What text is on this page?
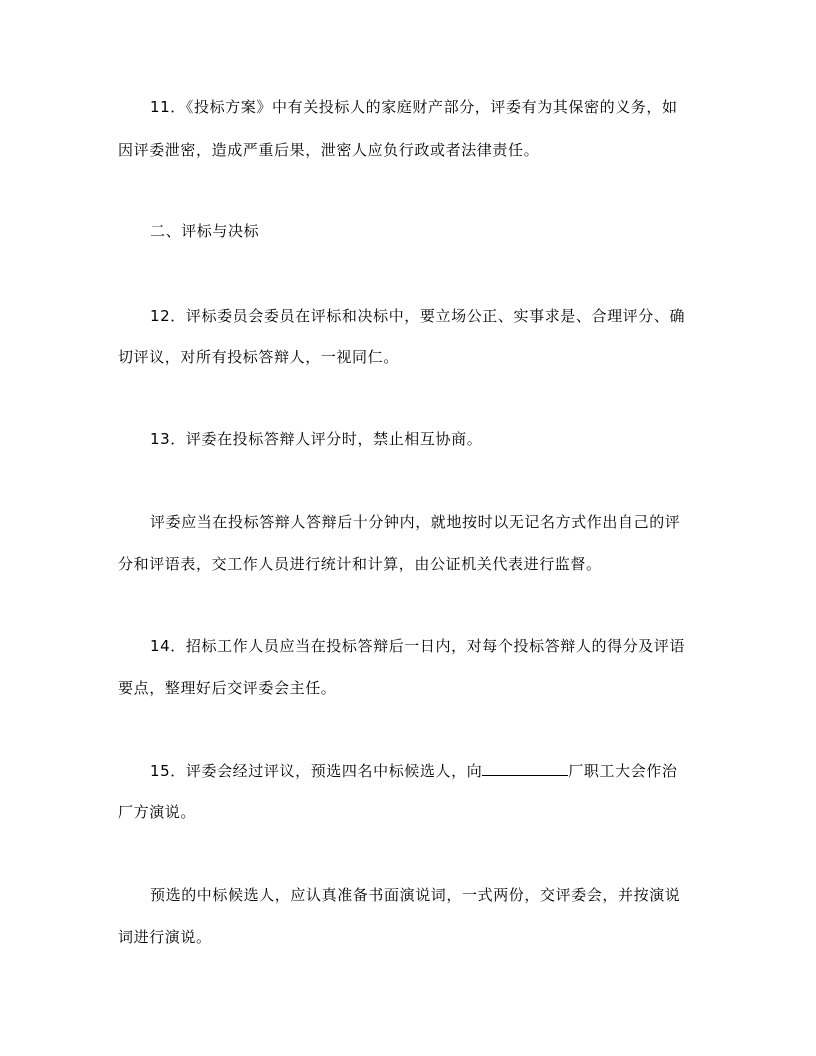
11．《投标方案》中有关投标人的家庭财产部分，评委有为其保密的义务，如
因评委泄密，造成严重后果，泄密人应负行政或者法律责任。
二、评标与决标
12．评标委员会委员在评标和决标中，要立场公正、实事求是、合理评分、确
切评议，对所有投标答辩人，一视同仁。
13．评委在投标答辩人评分时，禁止相互协商。
评委应当在投标答辩人答辩后十分钟内，就地按时以无记名方式作出自己的评
分和评语表，交工作人员进行统计和计算，由公证机关代表进行监督。
14．招标工作人员应当在投标答辩后一日内，对每个投标答辩人的得分及评语
要点，整理好后交评委会主任。
15．评委会经过评议，预选四名中标候选人，向	厂职工大会作治
厂方演说。
预选的中标候选人，应认真准备书面演说词，一式两份，交评委会，并按演说
词进行演说。
